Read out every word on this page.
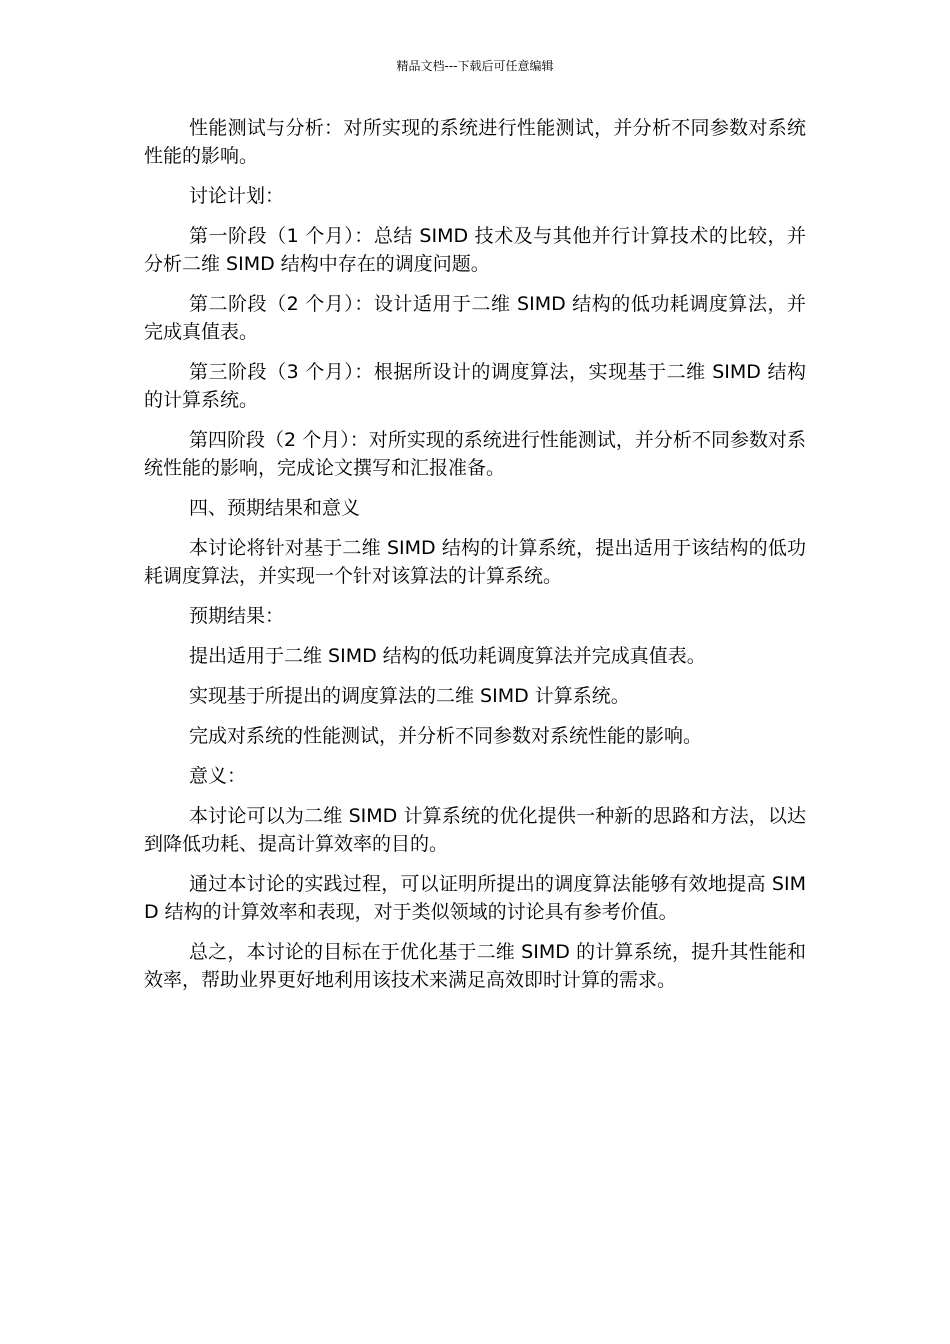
精品文档---下载后可任意编辑

性能测试与分析：对所实现的系统进行性能测试，并分析不同参数对系统性能的影响。

讨论计划：

第一阶段（1 个月）：总结 SIMD 技术及与其他并行计算技术的比较，并分析二维 SIMD 结构中存在的调度问题。

第二阶段（2 个月）：设计适用于二维 SIMD 结构的低功耗调度算法，并完成真值表。

第三阶段（3 个月）：根据所设计的调度算法，实现基于二维 SIMD 结构的计算系统。

第四阶段（2 个月）：对所实现的系统进行性能测试，并分析不同参数对系统性能的影响，完成论文撰写和汇报准备。

四、预期结果和意义

本讨论将针对基于二维 SIMD 结构的计算系统，提出适用于该结构的低功耗调度算法，并实现一个针对该算法的计算系统。

预期结果：

提出适用于二维 SIMD 结构的低功耗调度算法并完成真值表。

实现基于所提出的调度算法的二维 SIMD 计算系统。

完成对系统的性能测试，并分析不同参数对系统性能的影响。

意义：

本讨论可以为二维 SIMD 计算系统的优化提供一种新的思路和方法，以达到降低功耗、提高计算效率的目的。

通过本讨论的实践过程，可以证明所提出的调度算法能够有效地提高 SIMD 结构的计算效率和表现，对于类似领域的讨论具有参考价值。

总之，本讨论的目标在于优化基于二维 SIMD 的计算系统，提升其性能和效率，帮助业界更好地利用该技术来满足高效即时计算的需求。
